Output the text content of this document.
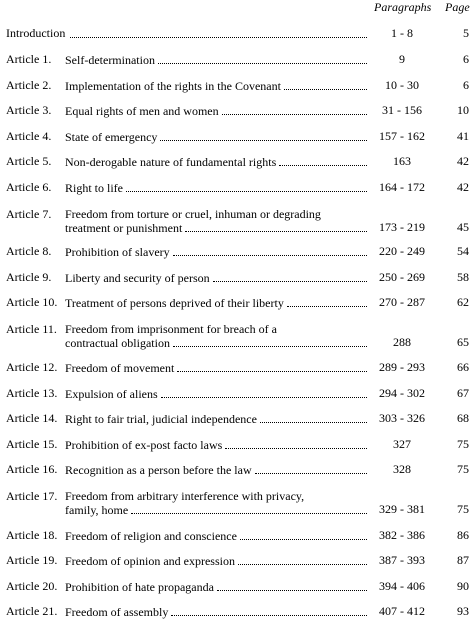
Paragraphs Page
Introduction	1 - 8	5
Article 1. Self-determination	9	6
Article 2. Implementation of the rights in the Covenant	10 - 30	6
Article 3. Equal rights of men and women	31 - 156	10
Article 4. State of emergency	157 - 162	41
Article 5. Non-derogable nature of fundamental rights	163	42
Article 6. Right to life	164 - 172	42
Article 7. Freedom from torture or cruel, inhuman or degrading
treatment or punishment	173 - 219	45
Article 8. Prohibition of slavery	220 - 249	54
Article 9. Liberty and security of person	250 - 269	58
Article 10. Treatment of persons deprived of their liberty	270 - 287	62
Article 11. Freedom from imprisonment for breach of a
contractual obligation	288	65
Article 12. Freedom of movement	289 - 293	66
Article 13. Expulsion of aliens	294 - 302	67
Article 14. Right to fair trial, judicial independence	303 - 326	68
Article 15. Prohibition of ex-post facto laws	327	75
Article 16. Recognition as a person before the law	328	75
Article 17. Freedom from arbitrary interference with privacy,
family, home	329 - 381	75
Article 18. Freedom of religion and conscience	382 - 386	86
Article 19. Freedom of opinion and expression	387 - 393	87
Article 20. Prohibition of hate propaganda	394 - 406	90
Article 21. Freedom of assembly	407 - 412	93
